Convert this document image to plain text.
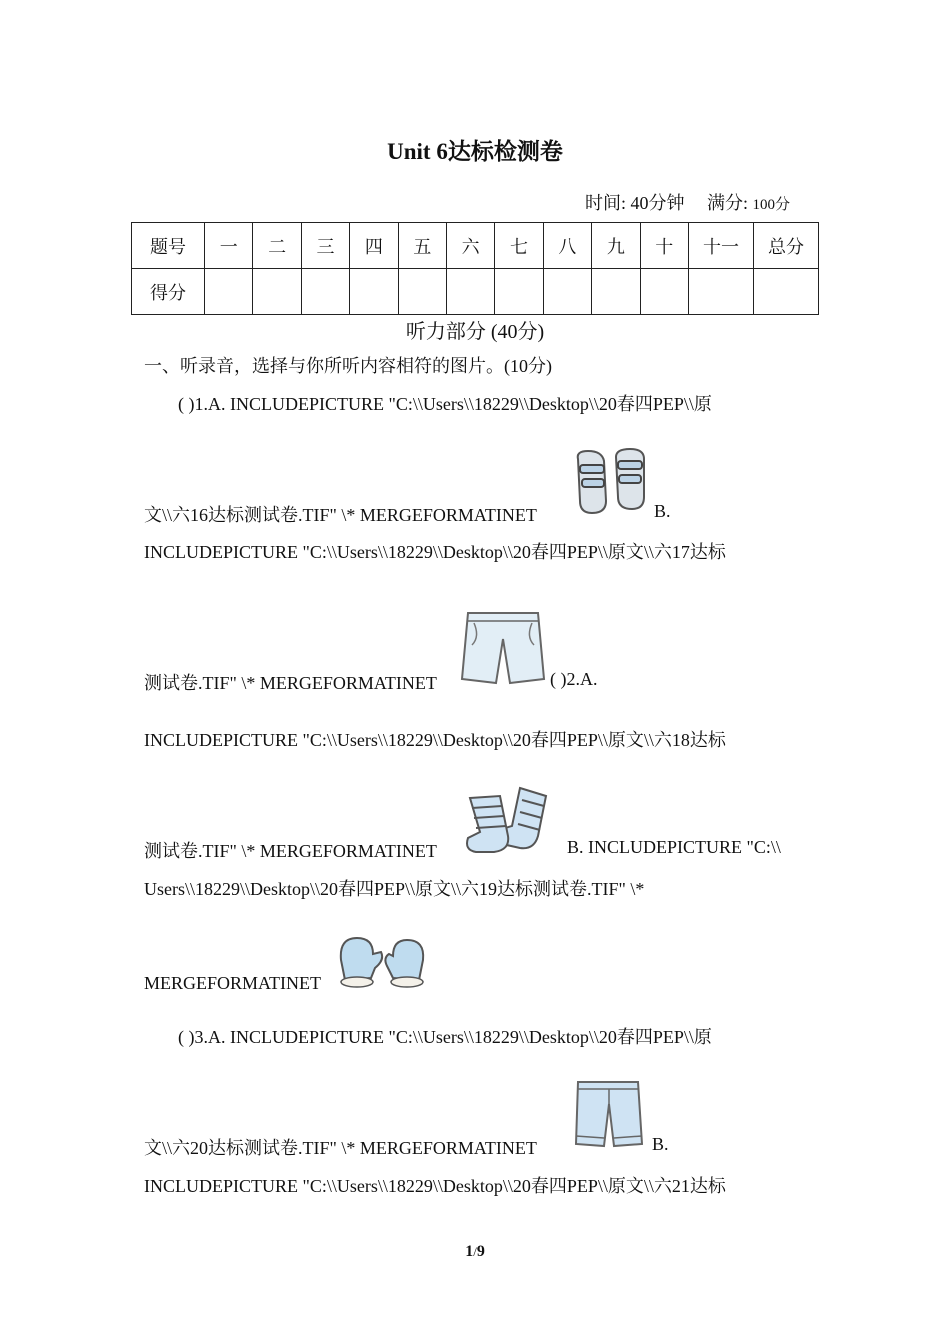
Unit 6达标检测卷
时间: 40分钟 满分: 100分
题号	一	二	三	四	五	六	七	八	九	十	十一	总分
得分												
听力部分 (40分)
一、听录音，选择与你所听内容相符的图片。(10分)
( )1.A. INCLUDEPICTURE "C:\\Users\\18229\\Desktop\\20春四PEP\\原
文\\六16达标测试卷.TIF" \* MERGEFORMATINET	B.
INCLUDEPICTURE "C:\\Users\\18229\\Desktop\\20春四PEP\\原文\\六17达标
测试卷.TIF" \* MERGEFORMATINET	( )2.A.
INCLUDEPICTURE "C:\\Users\\18229\\Desktop\\20春四PEP\\原文\\六18达标
测试卷.TIF" \* MERGEFORMATINET	B. INCLUDEPICTURE "C:\\
Users\\18229\\Desktop\\20春四PEP\\原文\\六19达标测试卷.TIF" \*
MERGEFORMATINET
( )3.A. INCLUDEPICTURE "C:\\Users\\18229\\Desktop\\20春四PEP\\原
文\\六20达标测试卷.TIF" \* MERGEFORMATINET	B.
INCLUDEPICTURE "C:\\Users\\18229\\Desktop\\20春四PEP\\原文\\六21达标
1/9
